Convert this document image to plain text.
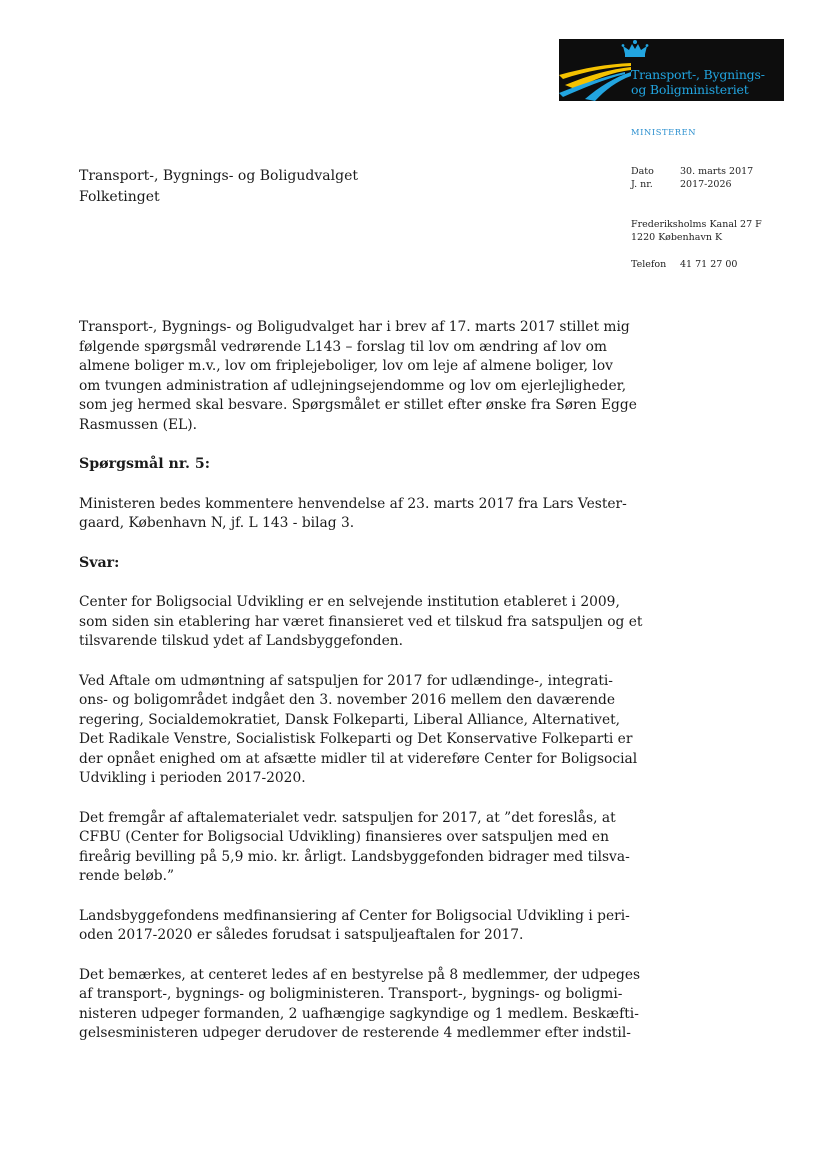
Transport-, Bygnings-
og Boligministeriet
MINISTEREN
Dato	30. marts 2017
J. nr.	2017-2026
Frederiksholms Kanal 27 F
1220 København K
Telefon 41 71 27 00
Transport-, Bygnings- og Boligudvalget
Folketinget

Transport-, Bygnings- og Boligudvalget har i brev af 17. marts 2017 stillet mig
følgende spørgsmål vedrørende L143 – forslag til lov om ændring af lov om
almene boliger m.v., lov om friplejeboliger, lov om leje af almene boliger, lov
om tvungen administration af udlejningsejendomme og lov om ejerlejligheder,
som jeg hermed skal besvare. Spørgsmålet er stillet efter ønske fra Søren Egge
Rasmussen (EL).

Spørgsmål nr. 5:

Ministeren bedes kommentere henvendelse af 23. marts 2017 fra Lars Vester-
gaard, København N, jf. L 143 - bilag 3.

Svar:

Center for Boligsocial Udvikling er en selvejende institution etableret i 2009,
som siden sin etablering har været finansieret ved et tilskud fra satspuljen og et
tilsvarende tilskud ydet af Landsbyggefonden.

Ved Aftale om udmøntning af satspuljen for 2017 for udlændinge-, integrati-
ons- og boligområdet indgået den 3. november 2016 mellem den daværende
regering, Socialdemokratiet, Dansk Folkeparti, Liberal Alliance, Alternativet,
Det Radikale Venstre, Socialistisk Folkeparti og Det Konservative Folkeparti er
der opnået enighed om at afsætte midler til at videreføre Center for Boligsocial
Udvikling i perioden 2017-2020.

Det fremgår af aftalematerialet vedr. satspuljen for 2017, at ”det foreslås, at
CFBU (Center for Boligsocial Udvikling) finansieres over satspuljen med en
fireårig bevilling på 5,9 mio. kr. årligt. Landsbyggefonden bidrager med tilsva-
rende beløb.”

Landsbyggefondens medfinansiering af Center for Boligsocial Udvikling i peri-
oden 2017-2020 er således forudsat i satspuljeaftalen for 2017.

Det bemærkes, at centeret ledes af en bestyrelse på 8 medlemmer, der udpeges
af transport-, bygnings- og boligministeren. Transport-, bygnings- og boligmi-
nisteren udpeger formanden, 2 uafhængige sagkyndige og 1 medlem. Beskæfti-
gelsesministeren udpeger derudover de resterende 4 medlemmer efter indstil-
